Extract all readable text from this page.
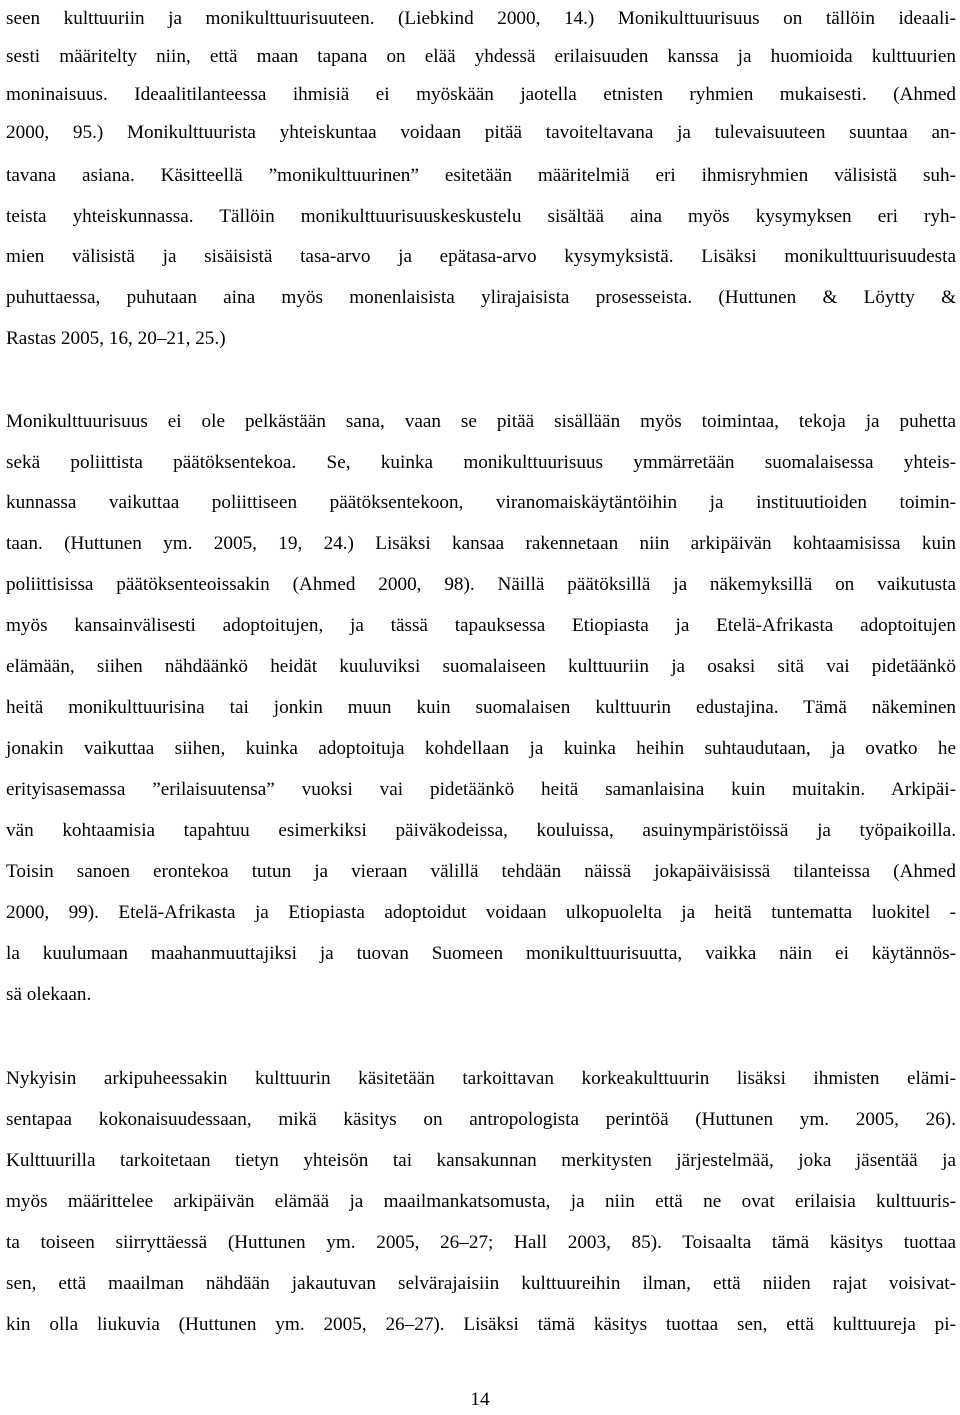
seen kulttuuriin ja monikulttuurisuuteen. (Liebkind 2000, 14.) Monikulttuurisuus on tällöin ideaali-
sesti määritelty niin, että maan tapana on elää yhdessä erilaisuuden kanssa ja huomioida kulttuurien
moninaisuus. Ideaalitilanteessa ihmisiä ei myöskään jaotella etnisten ryhmien mukaisesti. (Ahmed
2000, 95.) Monikulttuurista yhteiskuntaa voidaan pitää tavoiteltavana ja tulevaisuuteen suuntaa an-
tavana asiana. Käsitteellä ”monikulttuurinen” esitetään määritelmiä eri ihmisryhmien välisistä suh-
teista yhteiskunnassa. Tällöin monikulttuurisuuskeskustelu sisältää aina myös kysymyksen eri ryh-
mien välisistä ja sisäisistä tasa-arvo ja epätasa-arvo kysymyksistä. Lisäksi monikulttuurisuudesta
puhuttaessa, puhutaan aina myös monenlaisista ylirajaisista prosesseista. (Huttunen & Löytty &
Rastas 2005, 16, 20–21, 25.)
Monikulttuurisuus ei ole pelkästään sana, vaan se pitää sisällään myös toimintaa, tekoja ja puhetta
sekä poliittista päätöksentekoa. Se, kuinka monikulttuurisuus ymmärretään suomalaisessa yhteis-
kunnassa vaikuttaa poliittiseen päätöksentekoon, viranomaiskäytäntöihin ja instituutioiden toimin-
taan. (Huttunen ym. 2005, 19, 24.) Lisäksi kansaa rakennetaan niin arkipäivän kohtaamisissa kuin
poliittisissa päätöksenteoissakin (Ahmed 2000, 98). Näillä päätöksillä ja näkemyksillä on vaikutusta
myös kansainvälisesti adoptoitujen, ja tässä tapauksessa Etiopiasta ja Etelä-Afrikasta adoptoitujen
elämään, siihen nähdäänkö heidät kuuluviksi suomalaiseen kulttuuriin ja osaksi sitä vai pidetäänkö
heitä monikulttuurisina tai jonkin muun kuin suomalaisen kulttuurin edustajina. Tämä näkeminen
jonakin vaikuttaa siihen, kuinka adoptoituja kohdellaan ja kuinka heihin suhtaudutaan, ja ovatko he
erityisasemassa ”erilaisuutensa” vuoksi vai pidetäänkö heitä samanlaisina kuin muitakin. Arkipäi-
vän kohtaamisia tapahtuu esimerkiksi päiväkodeissa, kouluissa, asuinympäristöissä ja työpaikoilla.
Toisin sanoen erontekoa tutun ja vieraan välillä tehdään näissä jokapäiväisissä tilanteissa (Ahmed
2000, 99). Etelä-Afrikasta ja Etiopiasta adoptoidut voidaan ulkopuolelta ja heitä tuntematta luokitel -
la kuulumaan maahanmuuttajiksi ja tuovan Suomeen monikulttuurisuutta, vaikka näin ei käytännös-
sä olekaan.
Nykyisin arkipuheessakin kulttuurin käsitetään tarkoittavan korkeakulttuurin lisäksi ihmisten elämi-
sentapaa kokonaisuudessaan, mikä käsitys on antropologista perintöä (Huttunen ym. 2005, 26).
Kulttuurilla tarkoitetaan tietyn yhteisön tai kansakunnan merkitysten järjestelmää, joka jäsentää ja
myös määrittelee arkipäivän elämää ja maailmankatsomusta, ja niin että ne ovat erilaisia kulttuuris-
ta toiseen siirryttäessä (Huttunen ym. 2005, 26–27; Hall 2003, 85). Toisaalta tämä käsitys tuottaa
sen, että maailman nähdään jakautuvan selvärajaisiin kulttuureihin ilman, että niiden rajat voisivat-
kin olla liukuvia (Huttunen ym. 2005, 26–27). Lisäksi tämä käsitys tuottaa sen, että kulttuureja pi-
14
